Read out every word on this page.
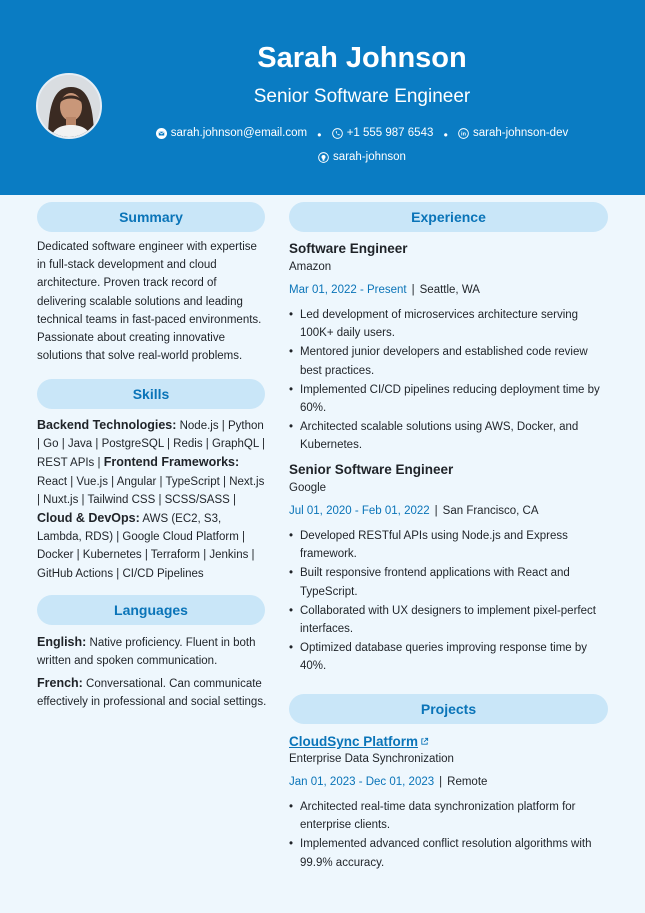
Sarah Johnson
Senior Software Engineer
sarah.johnson@email.com • +1 555 987 6543 • in sarah-johnson-dev
sarah-johnson
Summary
Dedicated software engineer with expertise in full-stack development and cloud architecture. Proven track record of delivering scalable solutions and leading technical teams in fast-paced environments. Passionate about creating innovative solutions that solve real-world problems.
Skills
Backend Technologies: Node.js | Python | Go | Java | PostgreSQL | Redis | GraphQL | REST APIs | Frontend Frameworks: React | Vue.js | Angular | TypeScript | Next.js | Nuxt.js | Tailwind CSS | SCSS/SASS | Cloud & DevOps: AWS (EC2, S3, Lambda, RDS) | Google Cloud Platform | Docker | Kubernetes | Terraform | Jenkins | GitHub Actions | CI/CD Pipelines
Languages
English: Native proficiency. Fluent in both written and spoken communication.
French: Conversational. Can communicate effectively in professional and social settings.
Experience
Software Engineer
Amazon
Mar 01, 2022 - Present | Seattle, WA
• Led development of microservices architecture serving 100K+ daily users.
• Mentored junior developers and established code review best practices.
• Implemented CI/CD pipelines reducing deployment time by 60%.
• Architected scalable solutions using AWS, Docker, and Kubernetes.
Senior Software Engineer
Google
Jul 01, 2020 - Feb 01, 2022 | San Francisco, CA
• Developed RESTful APIs using Node.js and Express framework.
• Built responsive frontend applications with React and TypeScript.
• Collaborated with UX designers to implement pixel-perfect interfaces.
• Optimized database queries improving response time by 40%.
Projects
CloudSync Platform
Enterprise Data Synchronization
Jan 01, 2023 - Dec 01, 2023 | Remote
• Architected real-time data synchronization platform for enterprise clients.
• Implemented advanced conflict resolution algorithms with 99.9% accuracy.
